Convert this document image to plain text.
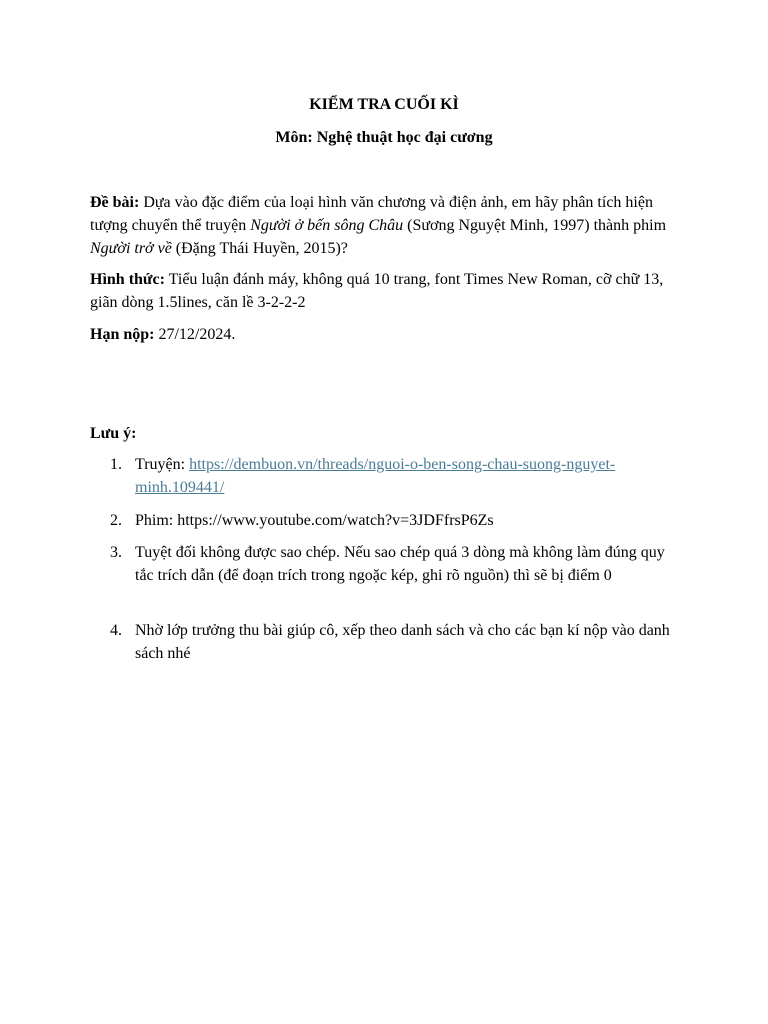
KIỂM TRA CUỐI KÌ
Môn: Nghệ thuật học đại cương
Đề bài: Dựa vào đặc điểm của loại hình văn chương và điện ảnh, em hãy phân tích hiện tượng chuyển thể truyện Người ở bến sông Châu (Sương Nguyệt Minh, 1997) thành phim Người trở về (Đặng Thái Huyền, 2015)?
Hình thức: Tiểu luận đánh máy, không quá 10 trang, font Times New Roman, cỡ chữ 13, giãn dòng 1.5lines, căn lề 3-2-2-2
Hạn nộp: 27/12/2024.
Lưu ý:
1. Truyện: https://dembuon.vn/threads/nguoi-o-ben-song-chau-suong-nguyet-
minh.109441/
2. Phim: https://www.youtube.com/watch?v=3JDFfrsP6Zs
3. Tuyệt đối không được sao chép. Nếu sao chép quá 3 dòng mà không làm đúng quy tắc trích dẫn (để đoạn trích trong ngoặc kép, ghi rõ nguồn) thì sẽ bị điểm 0
4. Nhờ lớp trưởng thu bài giúp cô, xếp theo danh sách và cho các bạn kí nộp vào danh sách nhé
